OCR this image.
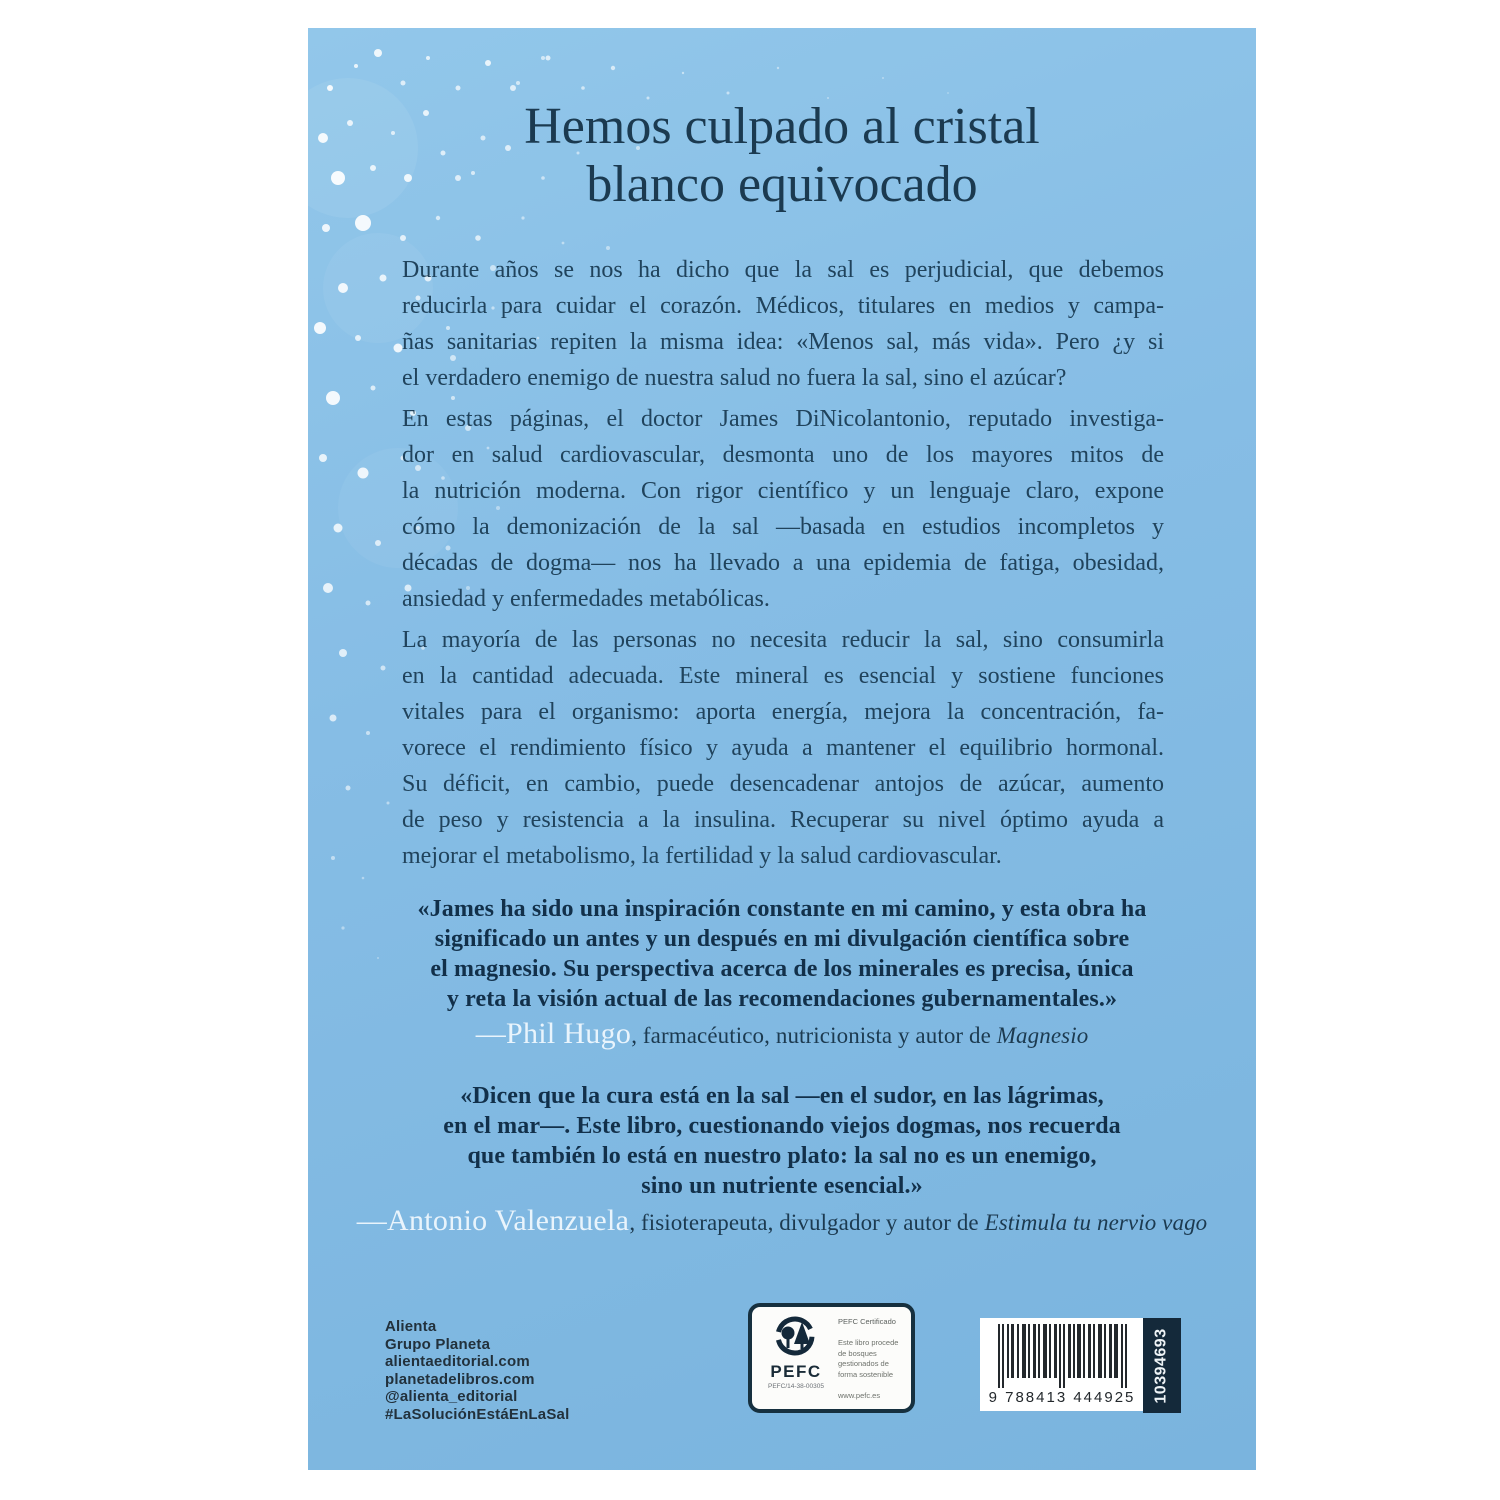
Hemos culpado al cristal
blanco equivocado
Durante años se nos ha dicho que la sal es perjudicial, que debemos
reducirla para cuidar el corazón. Médicos, titulares en medios y campa-
ñas sanitarias repiten la misma idea: «Menos sal, más vida». Pero ¿y si
el verdadero enemigo de nuestra salud no fuera la sal, sino el azúcar?
En estas páginas, el doctor James DiNicolantonio, reputado investiga-
dor en salud cardiovascular, desmonta uno de los mayores mitos de
la nutrición moderna. Con rigor científico y un lenguaje claro, expone
cómo la demonización de la sal —basada en estudios incompletos y
décadas de dogma— nos ha llevado a una epidemia de fatiga, obesidad,
ansiedad y enfermedades metabólicas.
La mayoría de las personas no necesita reducir la sal, sino consumirla
en la cantidad adecuada. Este mineral es esencial y sostiene funciones
vitales para el organismo: aporta energía, mejora la concentración, fa-
vorece el rendimiento físico y ayuda a mantener el equilibrio hormonal.
Su déficit, en cambio, puede desencadenar antojos de azúcar, aumento
de peso y resistencia a la insulina. Recuperar su nivel óptimo ayuda a
mejorar el metabolismo, la fertilidad y la salud cardiovascular.
«James ha sido una inspiración constante en mi camino, y esta obra ha
significado un antes y un después en mi divulgación científica sobre
el magnesio. Su perspectiva acerca de los minerales es precisa, única
y reta la visión actual de las recomendaciones gubernamentales.»
—Phil Hugo, farmacéutico, nutricionista y autor de Magnesio
«Dicen que la cura está en la sal —en el sudor, en las lágrimas,
en el mar—. Este libro, cuestionando viejos dogmas, nos recuerda
que también lo está en nuestro plato: la sal no es un enemigo,
sino un nutriente esencial.»
—Antonio Valenzuela, fisioterapeuta, divulgador y autor de Estimula tu nervio vago
Alienta
Grupo Planeta
alientaeditorial.com
planetadelibros.com
@alienta_editorial
#LaSoluciónEstáEnLaSal
PEFC
PEFC/14-38-00305
PEFC Certificado
Este libro procede de bosques gestionados de forma sostenible
www.pefc.es	9 788413 444925 10394693
